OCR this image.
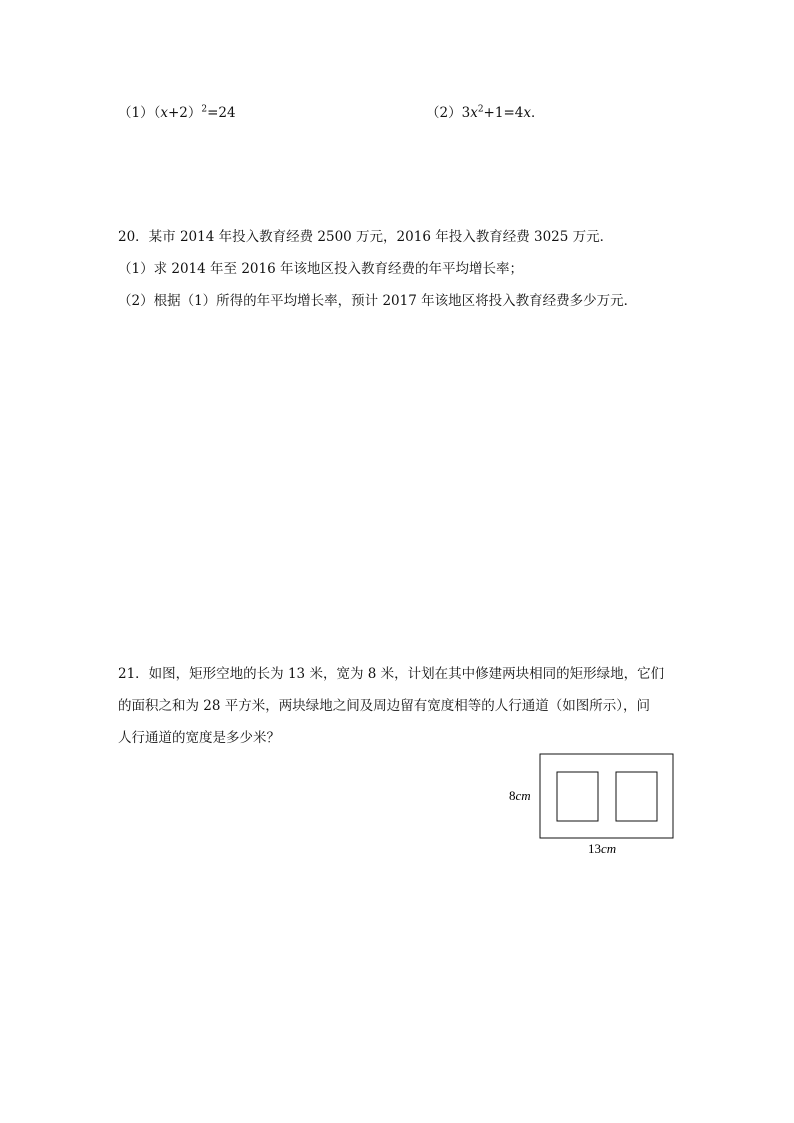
$(1)(x+2)^2=24$	$(2)3x^2+1=4x$．
20．某市 2014 年投入教育经费 2500 万元，2016 年投入教育经费 3025 万元．
（1）求 2014 年至 2016 年该地区投入教育经费的年平均增长率；
（2）根据（1）所得的年平均增长率，预计 2017 年该地区将投入教育经费多少万元．
21．如图，矩形空地的长为 13 米，宽为 8 米，计划在其中修建两块相同的矩形绿地，它们
的面积之和为 28 平方米，两块绿地之间及周边留有宽度相等的人行通道（如图所示），问
人行通道的宽度是多少米？
8cm
13cm
